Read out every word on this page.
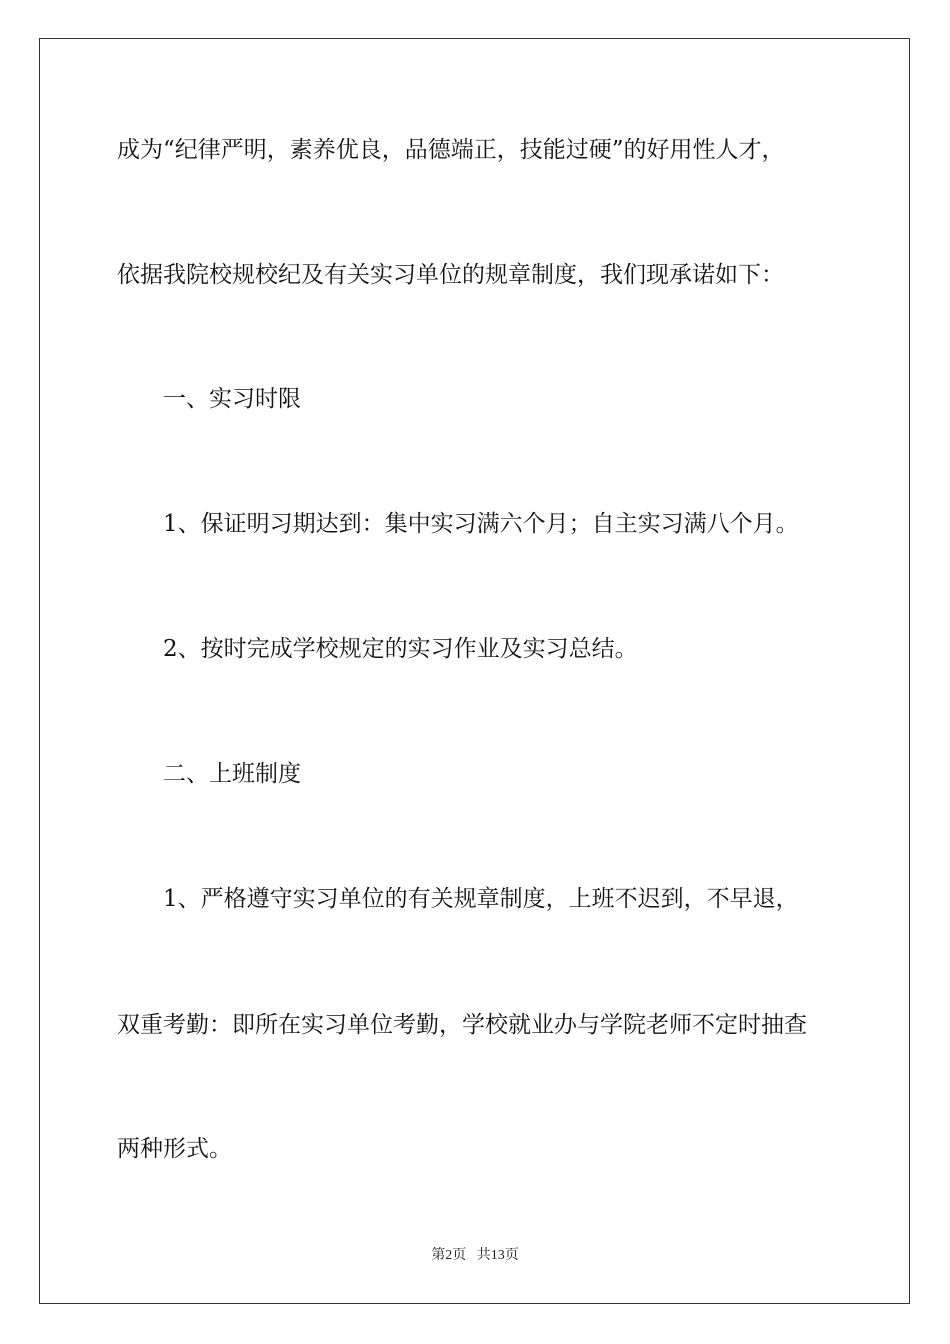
成为“纪律严明，素养优良，品德端正，技能过硬”的好用性人才，
依据我院校规校纪及有关实习单位的规章制度，我们现承诺如下：
一、实习时限
1、保证明习期达到：集中实习满六个月；自主实习满八个月。
2、按时完成学校规定的实习作业及实习总结。
二、上班制度
1、严格遵守实习单位的有关规章制度，上班不迟到，不早退，
双重考勤：即所在实习单位考勤，学校就业办与学院老师不定时抽查
两种形式。
第2页 共13页
